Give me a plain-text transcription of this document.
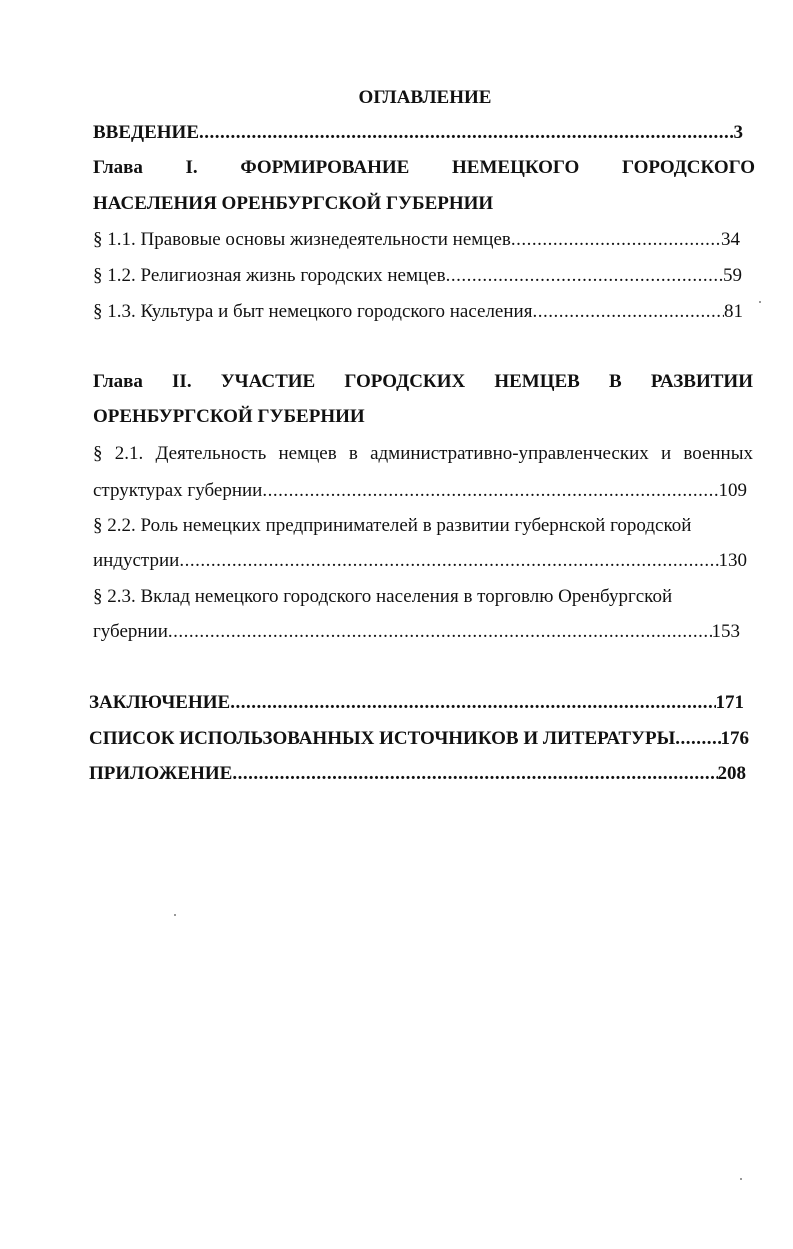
ОГЛАВЛЕНИЕ
ВВЕДЕНИЕ .....	3
Глава I. ФОРМИРОВАНИЕ НЕМЕЦКОГО ГОРОДСКОГО
НАСЕЛЕНИЯ ОРЕНБУРГСКОЙ ГУБЕРНИИ
§ 1.1. Правовые основы жизнедеятельности немцев .....	34
§ 1.2. Религиозная жизнь городских немцев .....	59
§ 1.3. Культура и быт немецкого городского населения .....	81
Глава II. УЧАСТИЕ ГОРОДСКИХ НЕМЦЕВ В РАЗВИТИИ
ОРЕНБУРГСКОЙ ГУБЕРНИИ
§ 2.1. Деятельность немцев в административно-управленческих и военных
структурах губернии .....	109
§ 2.2. Роль немецких предпринимателей в развитии губернской городской
индустрии .....	130
§ 2.3. Вклад немецкого городского населения в торговлю Оренбургской
губернии .....	153
ЗАКЛЮЧЕНИЕ .....	171
СПИСОК ИСПОЛЬЗОВАННЫХ ИСТОЧНИКОВ И ЛИТЕРАТУРЫ ..... 176
ПРИЛОЖЕНИЕ .....	208
